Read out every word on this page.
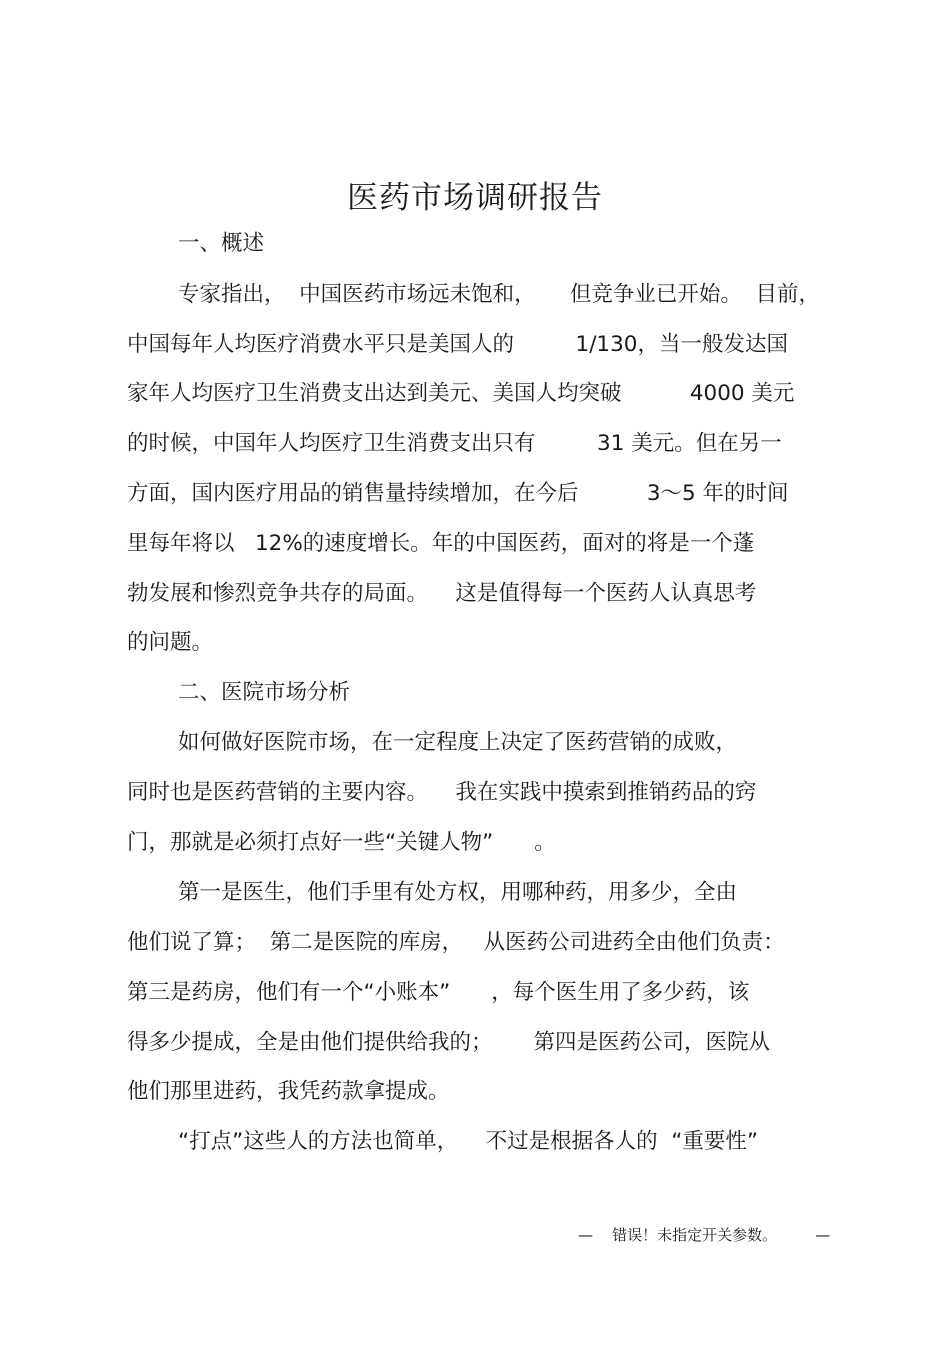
医药市场调研报告
一、概述
专家指出，  中国医药市场远未饱和，     但竞争业已开始。  目前，
中国每年人均医疗消费水平只是美国人的         1/130，当一般发达国
家年人均医疗卫生消费支出达到美元、美国人均突破          4000 美元
的时候，中国年人均医疗卫生消费支出只有         31 美元。但在另一
方面，国内医疗用品的销售量持续增加，在今后          3～5 年的时间
里每年将以   12%的速度增长。年的中国医药，面对的将是一个蓬
勃发展和惨烈竞争共存的局面。    这是值得每一个医药人认真思考
的问题。
二、医院市场分析
如何做好医院市场，在一定程度上决定了医药营销的成败，
同时也是医药营销的主要内容。    我在实践中摸索到推销药品的窍
门，那就是必须打点好一些“关键人物”      。
第一是医生，他们手里有处方权，用哪种药，用多少，全由
他们说了算；  第二是医院的库房，   从医药公司进药全由他们负责：
第三是药房，他们有一个“小账本”      ，每个医生用了多少药，该
得多少提成，全是由他们提供给我的；      第四是医药公司，医院从
他们那里进药，我凭药款拿提成。
“打点”这些人的方法也简单，    不过是根据各人的  “重要性”
—    错误！未指定开关参数。        —
